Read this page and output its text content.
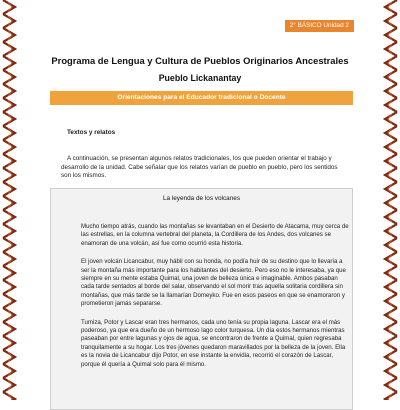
2° BÁSICO Unidad 2
Programa de Lengua y Cultura de Pueblos Originarios Ancestrales
Pueblo Lickanantay
Orientaciones para el Educador tradicional o Docente
Textos y relatos
A continuación, se presentan algunos relatos tradicionales, los que pueden orientar el trabajo y desarrollo de la unidad. Cabe señalar que los relatos varían de pueblo en pueblo, pero los sentidos son los mismos.
La leyenda de los volcanes

Mucho tiempo atrás, cuando las montañas se levantaban en el Desierto de Atacama, muy cerca de las estrellas, en la columna vertebral del planeta, la Cordillera de los Andes, dos volcanes se enamoran de una volcán, así fue como ocurrió esta historia.

El joven volcán Licancabur, muy hábil con su honda, no podía huir de su destino que lo llevaría a ser la montaña más importante para los habitantes del desierto. Pero eso no le interesaba, ya que siempre en su mente estaba Quimal, una joven de belleza única e imaginable. Ambos pasaban cada tarde sentados al borde del salar, observando el sol morir tras aquella solitaria cordillera sin montañas, que más tarde se la llamarían Domeyko. Fue en esos paseos en que se enamoraron y prometieron jamás separarse.

Tumiza, Potor y Lascar eran tres hermanos, cada uno tenía su propia laguna. Lascar era el más poderoso, ya que era dueño de un hermoso lago color turquesa. Un día estos hermanos mientras paseaban por entre lagunas y ojos de agua, se encontraron de frente a Quimal, quien regresaba tranquilamente a su hogar. Los tres jóvenes quedaron maravillados por la belleza de la joven. Ella es la novia de Licancabur dijo Potor, en ese instante la envidia, recorrió el corazón de Lascar, porque él quería a Quimal solo para él mismo.
